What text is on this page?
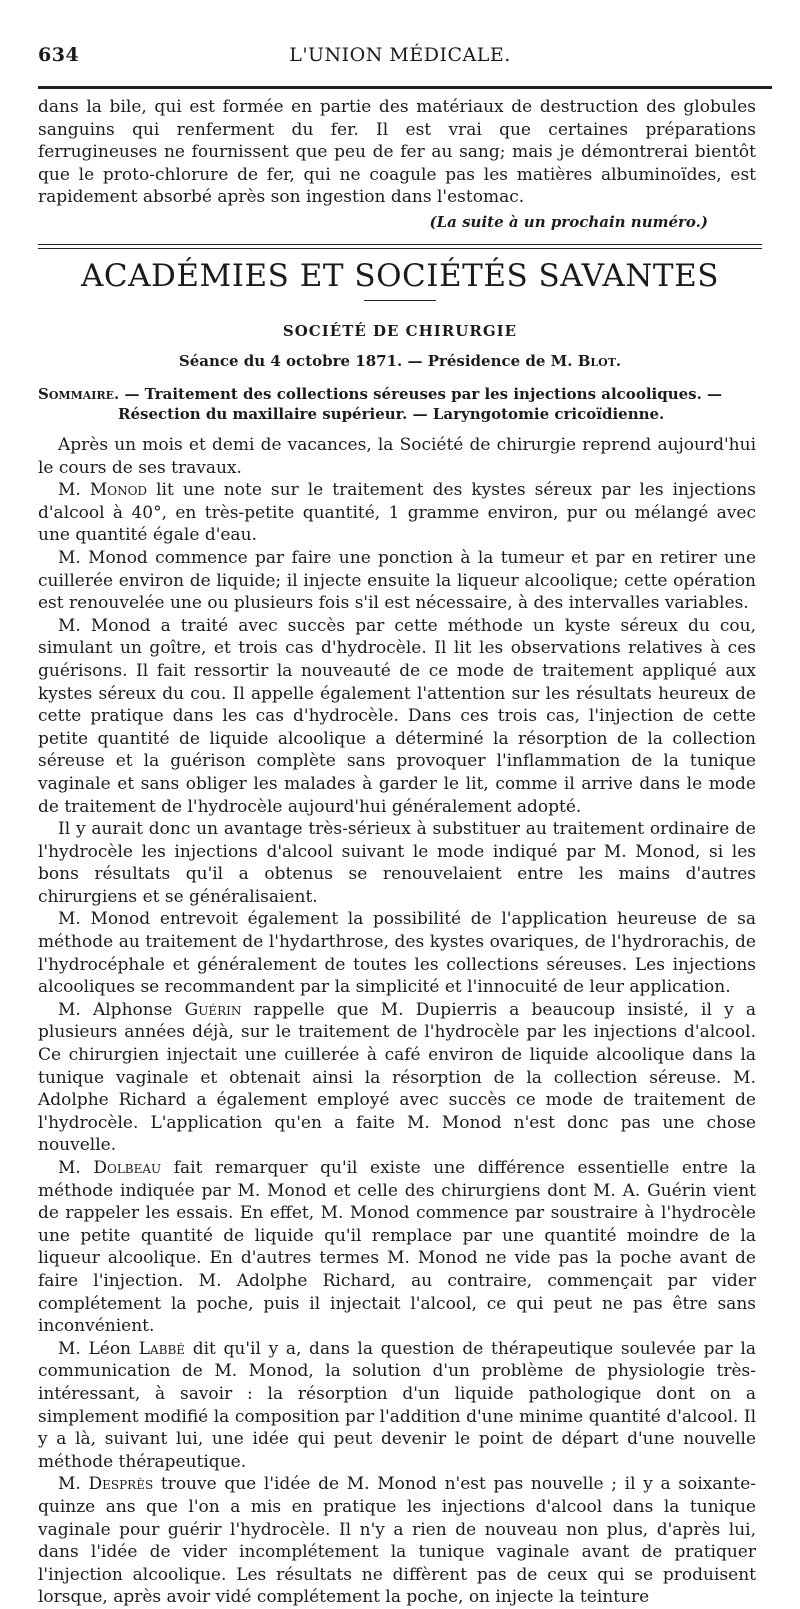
634	L'UNION MÉDICALE.

dans la bile, qui est formée en partie des matériaux de destruction des globules sanguins qui renferment du fer. Il est vrai que certaines préparations ferrugineuses ne fournissent que peu de fer au sang; mais je démontrerai bientôt que le proto-chlorure de fer, qui ne coagule pas les matières albuminoïdes, est rapidement absorbé après son ingestion dans l'estomac.

(La suite à un prochain numéro.)

ACADÉMIES ET SOCIÉTÉS SAVANTES
SOCIÉTÉ DE CHIRURGIE
Séance du 4 octobre 1871. — Présidence de M. Blot.
Sommaire. — Traitement des collections séreuses par les injections alcooliques. — Résection du maxillaire supérieur. — Laryngotomie cricoïdienne.

Après un mois et demi de vacances, la Société de chirurgie reprend aujourd'hui le cours de ses travaux.

M. Monod lit une note sur le traitement des kystes séreux par les injections d'alcool à 40°, en très-petite quantité, 1 gramme environ, pur ou mélangé avec une quantité égale d'eau.

M. Monod commence par faire une ponction à la tumeur et par en retirer une cuillerée environ de liquide; il injecte ensuite la liqueur alcoolique; cette opération est renouvelée une ou plusieurs fois s'il est nécessaire, à des intervalles variables.

M. Monod a traité avec succès par cette méthode un kyste séreux du cou, simulant un goître, et trois cas d'hydrocèle. Il lit les observations relatives à ces guérisons. Il fait ressortir la nouveauté de ce mode de traitement appliqué aux kystes séreux du cou. Il appelle également l'attention sur les résultats heureux de cette pratique dans les cas d'hydrocèle. Dans ces trois cas, l'injection de cette petite quantité de liquide alcoolique a déterminé la résorption de la collection séreuse et la guérison complète sans provoquer l'inflammation de la tunique vaginale et sans obliger les malades à garder le lit, comme il arrive dans le mode de traitement de l'hydrocèle aujourd'hui généralement adopté.

Il y aurait donc un avantage très-sérieux à substituer au traitement ordinaire de l'hydrocèle les injections d'alcool suivant le mode indiqué par M. Monod, si les bons résultats qu'il a obtenus se renouvelaient entre les mains d'autres chirurgiens et se généralisaient.

M. Monod entrevoit également la possibilité de l'application heureuse de sa méthode au traitement de l'hydarthrose, des kystes ovariques, de l'hydrorachis, de l'hydrocéphale et généralement de toutes les collections séreuses. Les injections alcooliques se recommandent par la simplicité et l'innocuité de leur application.

M. Alphonse Guérin rappelle que M. Dupierris a beaucoup insisté, il y a plusieurs années déjà, sur le traitement de l'hydrocèle par les injections d'alcool. Ce chirurgien injectait une cuillerée à café environ de liquide alcoolique dans la tunique vaginale et obtenait ainsi la résorption de la collection séreuse. M. Adolphe Richard a également employé avec succès ce mode de traitement de l'hydrocèle. L'application qu'en a faite M. Monod n'est donc pas une chose nouvelle.

M. Dolbeau fait remarquer qu'il existe une différence essentielle entre la méthode indiquée par M. Monod et celle des chirurgiens dont M. A. Guérin vient de rappeler les essais. En effet, M. Monod commence par soustraire à l'hydrocèle une petite quantité de liquide qu'il remplace par une quantité moindre de la liqueur alcoolique. En d'autres termes M. Monod ne vide pas la poche avant de faire l'injection. M. Adolphe Richard, au contraire, commençait par vider complétement la poche, puis il injectait l'alcool, ce qui peut ne pas être sans inconvénient.

M. Léon Labbé dit qu'il y a, dans la question de thérapeutique soulevée par la communication de M. Monod, la solution d'un problème de physiologie très-intéressant, à savoir : la résorption d'un liquide pathologique dont on a simplement modifié la composition par l'addition d'une minime quantité d'alcool. Il y a là, suivant lui, une idée qui peut devenir le point de départ d'une nouvelle méthode thérapeutique.

M. Desprès trouve que l'idée de M. Monod n'est pas nouvelle ; il y a soixante-quinze ans que l'on a mis en pratique les injections d'alcool dans la tunique vaginale pour guérir l'hydrocèle. Il n'y a rien de nouveau non plus, d'après lui, dans l'idée de vider incomplétement la tunique vaginale avant de pratiquer l'injection alcoolique. Les résultats ne diffèrent pas de ceux qui se produisent lorsque, après avoir vidé complétement la poche, on injecte la teinture
